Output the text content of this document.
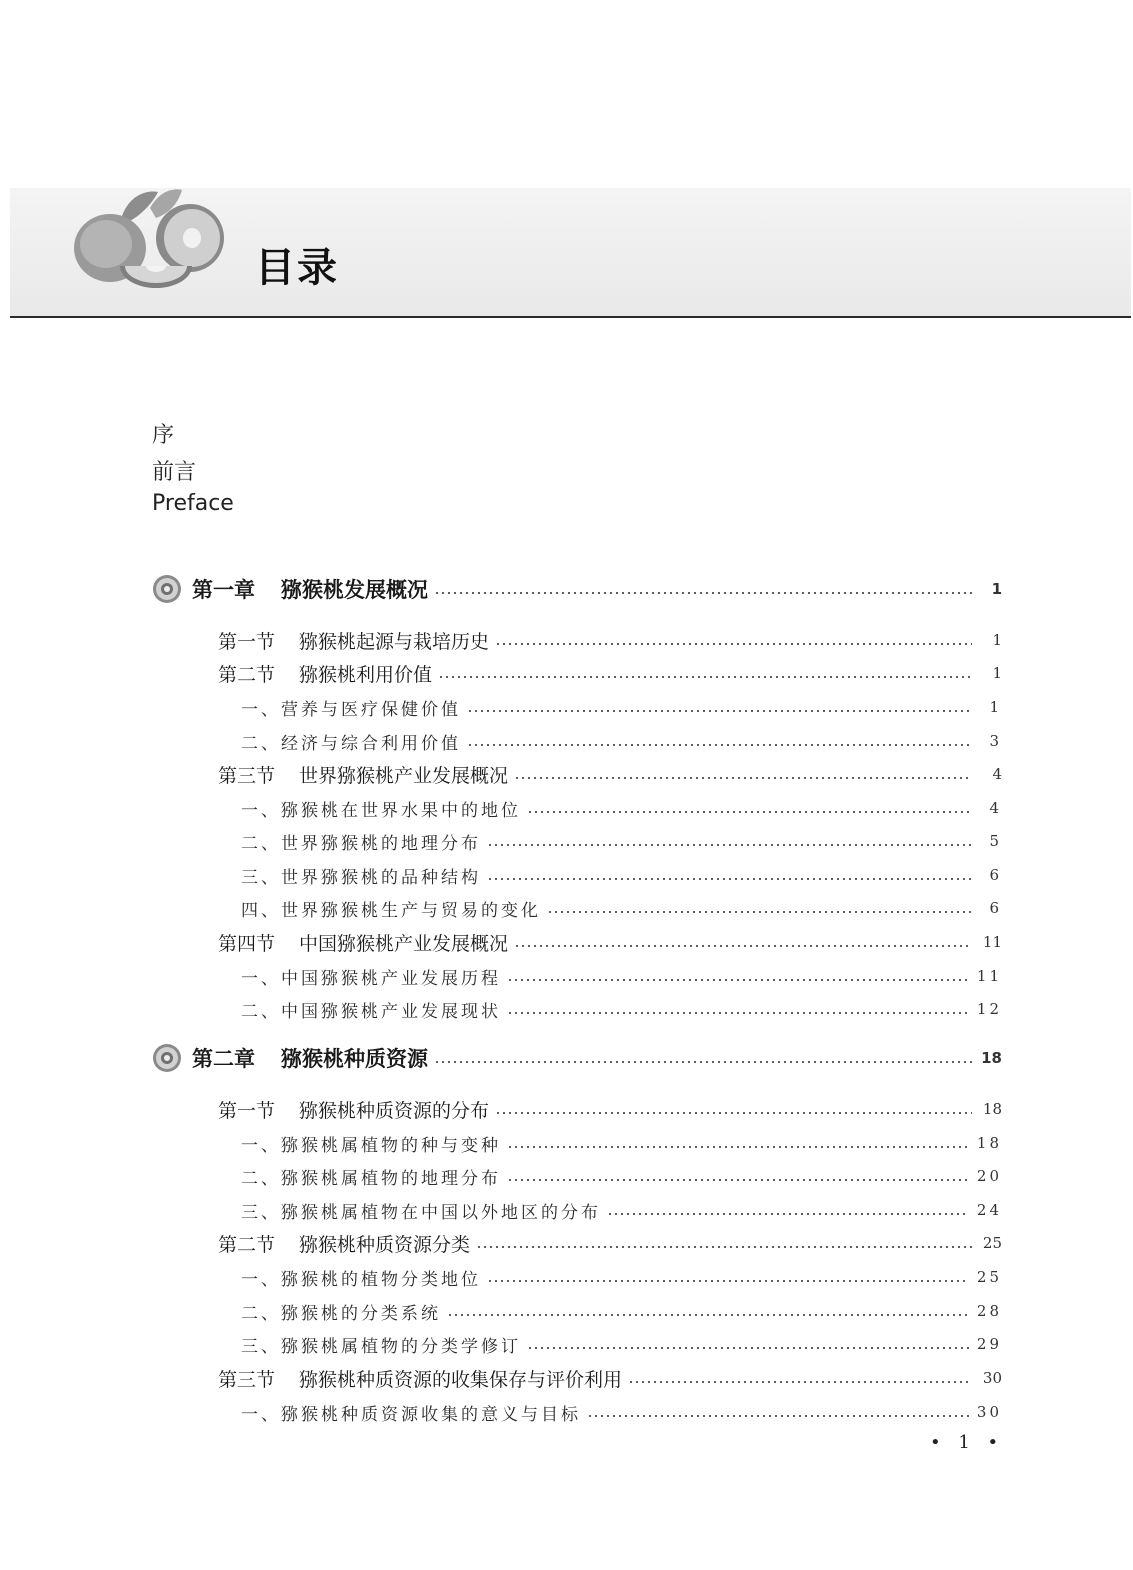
目录
序
前言
Preface
第一章 猕猴桃发展概况	1
第一节 猕猴桃起源与栽培历史	1
第二节 猕猴桃利用价值	1
一、营养与医疗保健价值	1
二、经济与综合利用价值	3
第三节 世界猕猴桃产业发展概况	4
一、猕猴桃在世界水果中的地位	4
二、世界猕猴桃的地理分布	5
三、世界猕猴桃的品种结构	6
四、世界猕猴桃生产与贸易的变化	6
第四节 中国猕猴桃产业发展概况	11
一、中国猕猴桃产业发展历程	11
二、中国猕猴桃产业发展现状	12
第二章 猕猴桃种质资源	18
第一节 猕猴桃种质资源的分布	18
一、猕猴桃属植物的种与变种	18
二、猕猴桃属植物的地理分布	20
三、猕猴桃属植物在中国以外地区的分布	24
第二节 猕猴桃种质资源分类	25
一、猕猴桃的植物分类地位	25
二、猕猴桃的分类系统	28
三、猕猴桃属植物的分类学修订	29
第三节 猕猴桃种质资源的收集保存与评价利用	30
一、猕猴桃种质资源收集的意义与目标	30
• 1 •
